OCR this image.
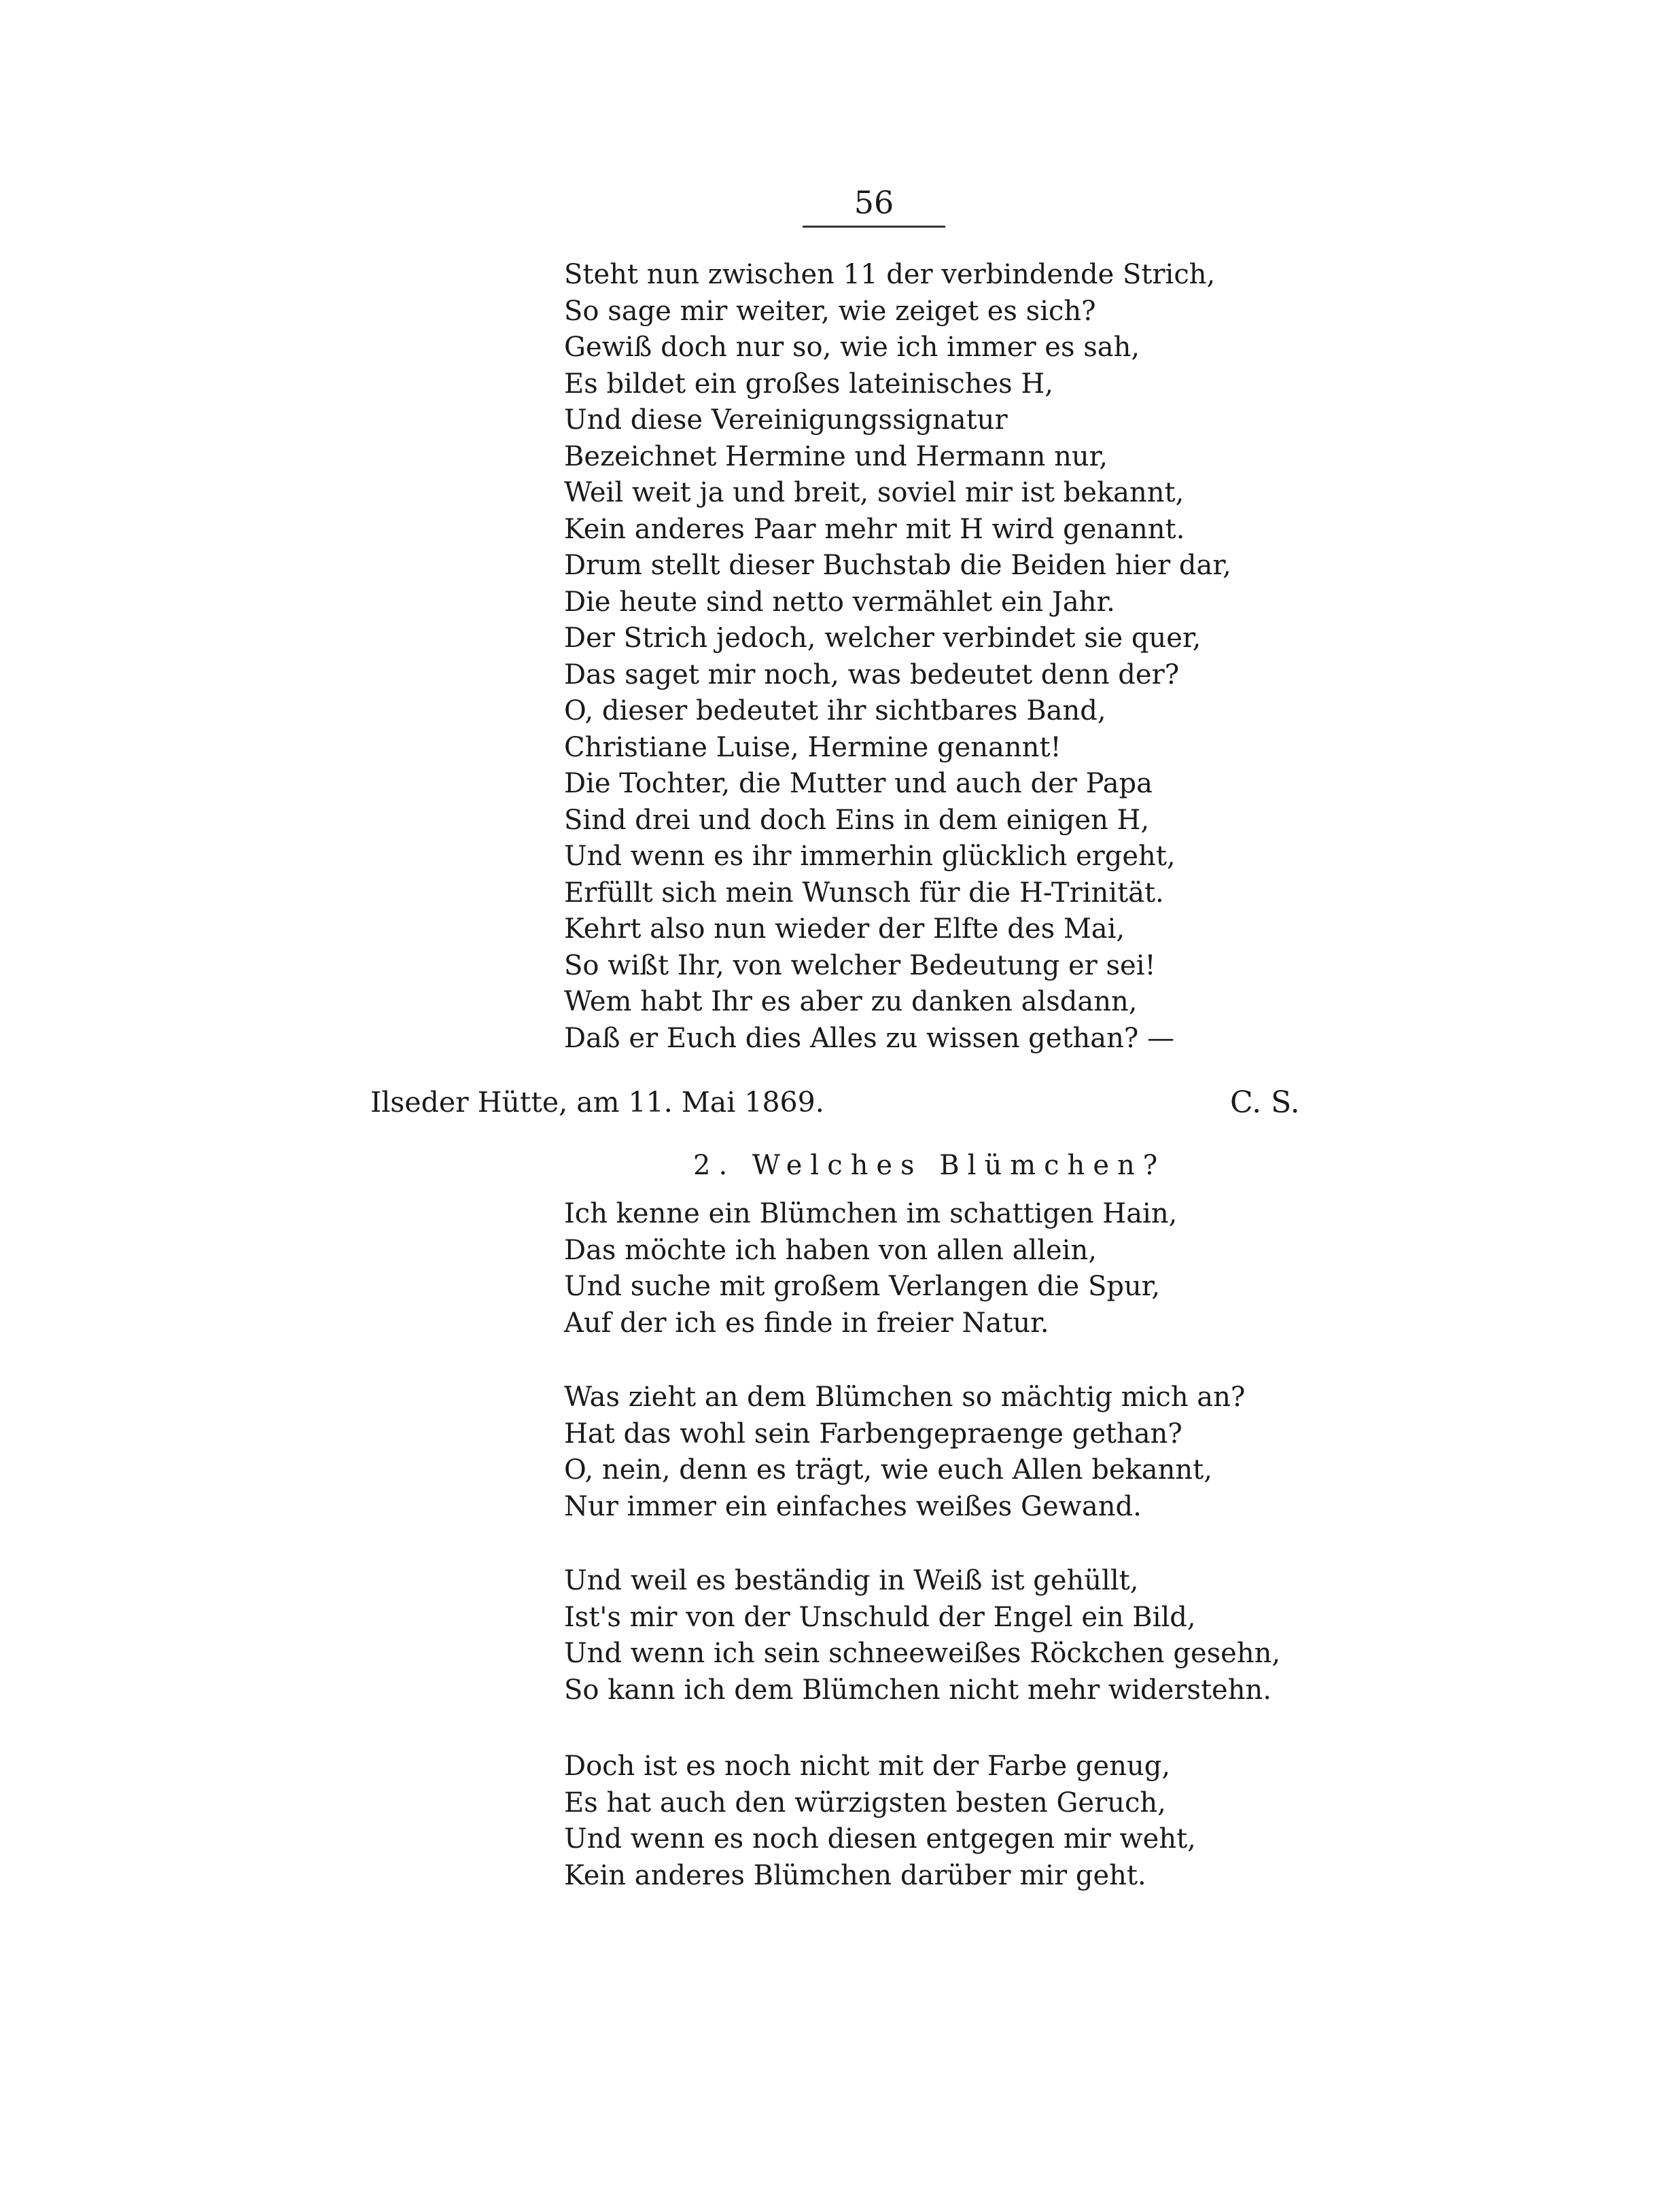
56
Steht nun zwischen 11 der verbindende Strich,
So sage mir weiter, wie zeiget es sich?
Gewiß doch nur so, wie ich immer es sah,
Es bildet ein großes lateinisches H,
Und diese Vereinigungssignatur
Bezeichnet Hermine und Hermann nur,
Weil weit ja und breit, soviel mir ist bekannt,
Kein anderes Paar mehr mit H wird genannt.
Drum stellt dieser Buchstab die Beiden hier dar,
Die heute sind netto vermählet ein Jahr.
Der Strich jedoch, welcher verbindet sie quer,
Das saget mir noch, was bedeutet denn der?
O, dieser bedeutet ihr sichtbares Band,
Christiane Luise, Hermine genannt!
Die Tochter, die Mutter und auch der Papa
Sind drei und doch Eins in dem einigen H,
Und wenn es ihr immerhin glücklich ergeht,
Erfüllt sich mein Wunsch für die H-Trinität.
Kehrt also nun wieder der Elfte des Mai,
So wißt Ihr, von welcher Bedeutung er sei!
Wem habt Ihr es aber zu danken alsdann,
Daß er Euch dies Alles zu wissen gethan? —
Ilseder Hütte, am 11. Mai 1869.	C. S.
2. Welches Blümchen?
Ich kenne ein Blümchen im schattigen Hain,
Das möchte ich haben von allen allein,
Und suche mit großem Verlangen die Spur,
Auf der ich es finde in freier Natur.
Was zieht an dem Blümchen so mächtig mich an?
Hat das wohl sein Farbengepraenge gethan?
O, nein, denn es trägt, wie euch Allen bekannt,
Nur immer ein einfaches weißes Gewand.
Und weil es beständig in Weiß ist gehüllt,
Ist's mir von der Unschuld der Engel ein Bild,
Und wenn ich sein schneeweißes Röckchen gesehn,
So kann ich dem Blümchen nicht mehr widerstehn.
Doch ist es noch nicht mit der Farbe genug,
Es hat auch den würzigsten besten Geruch,
Und wenn es noch diesen entgegen mir weht,
Kein anderes Blümchen darüber mir geht.
